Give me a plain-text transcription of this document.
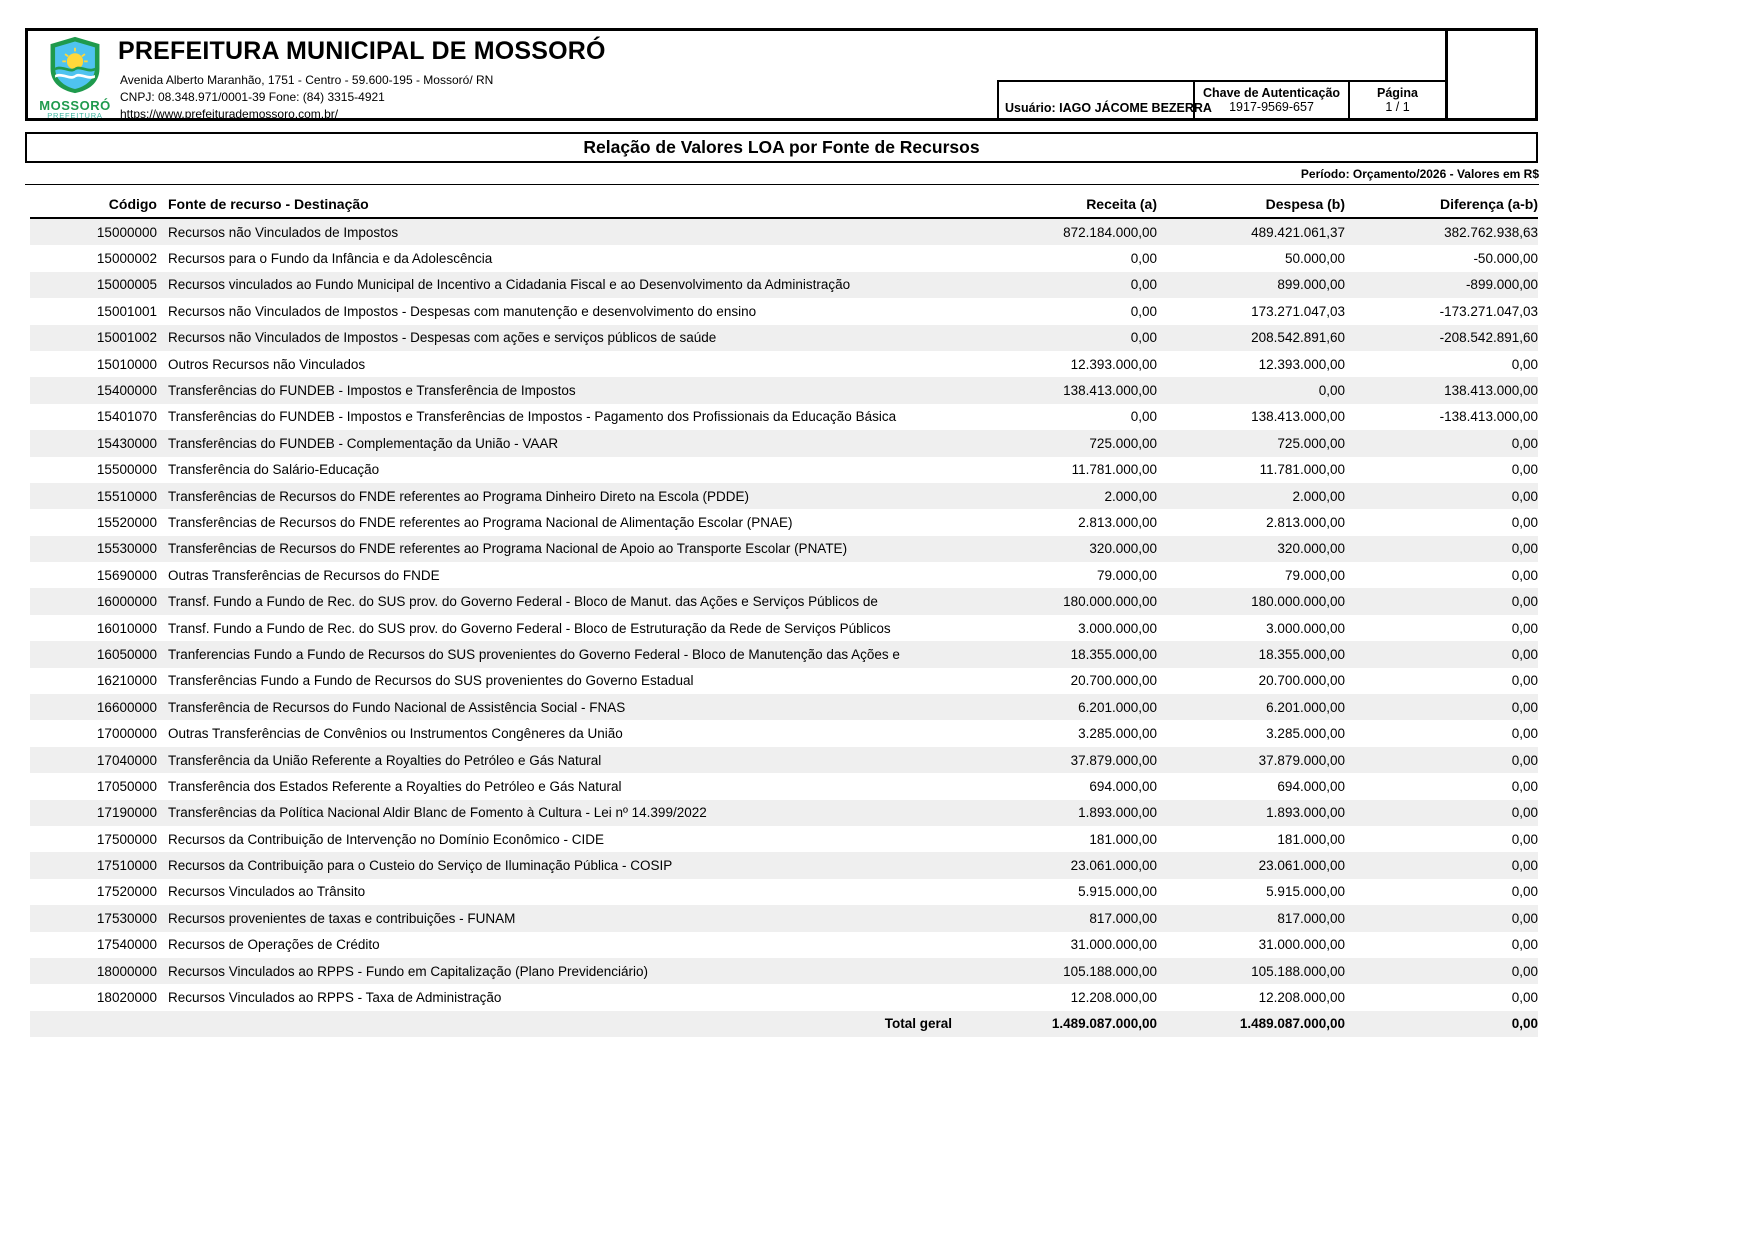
MOSSORÓ
PREFEITURA
PREFEITURA MUNICIPAL DE MOSSORÓ
Avenida Alberto Maranhão, 1751 - Centro - 59.600-195 - Mossoró/ RN
CNPJ: 08.348.971/0001-39 Fone: (84) 3315-4921
https://www.prefeiturademossoro.com.br/	Usuário: IAGO JÁCOME BEZERRA
Chave de Autenticação
1917-9569-657
Página
1 / 1
Relação de Valores LOA por Fonte de Recursos
Período: Orçamento/2026 - Valores em R$
Código Fonte de recurso - Destinação	Receita (a)	Despesa (b)	Diferença (a-b)
15000000 Recursos não Vinculados de Impostos	872.184.000,00	489.421.061,37	382.762.938,63
15000002 Recursos para o Fundo da Infância e da Adolescência	0,00	50.000,00	-50.000,00
15000005 Recursos vinculados ao Fundo Municipal de Incentivo a Cidadania Fiscal e ao Desenvolvimento da Administração	0,00	899.000,00	-899.000,00
15001001 Recursos não Vinculados de Impostos - Despesas com manutenção e desenvolvimento do ensino	0,00	173.271.047,03	-173.271.047,03
15001002 Recursos não Vinculados de Impostos - Despesas com ações e serviços públicos de saúde	0,00	208.542.891,60	-208.542.891,60
15010000 Outros Recursos não Vinculados	12.393.000,00	12.393.000,00	0,00
15400000 Transferências do FUNDEB - Impostos e Transferência de Impostos	138.413.000,00	0,00	138.413.000,00
15401070 Transferências do FUNDEB - Impostos e Transferências de Impostos - Pagamento dos Profissionais da Educação Básica	0,00	138.413.000,00	-138.413.000,00
15430000 Transferências do FUNDEB - Complementação da União - VAAR	725.000,00	725.000,00	0,00
15500000 Transferência do Salário-Educação	11.781.000,00	11.781.000,00	0,00
15510000 Transferências de Recursos do FNDE referentes ao Programa Dinheiro Direto na Escola (PDDE)	2.000,00	2.000,00	0,00
15520000 Transferências de Recursos do FNDE referentes ao Programa Nacional de Alimentação Escolar (PNAE)	2.813.000,00	2.813.000,00	0,00
15530000 Transferências de Recursos do FNDE referentes ao Programa Nacional de Apoio ao Transporte Escolar (PNATE)	320.000,00	320.000,00	0,00
15690000 Outras Transferências de Recursos do FNDE	79.000,00	79.000,00	0,00
16000000 Transf. Fundo a Fundo de Rec. do SUS prov. do Governo Federal - Bloco de Manut. das Ações e Serviços Públicos de	180.000.000,00	180.000.000,00	0,00
16010000 Transf. Fundo a Fundo de Rec. do SUS prov. do Governo Federal - Bloco de Estruturação da Rede de Serviços Públicos	3.000.000,00	3.000.000,00	0,00
16050000 Tranferencias Fundo a Fundo de Recursos do SUS provenientes do Governo Federal - Bloco de Manutenção das Ações e	18.355.000,00	18.355.000,00	0,00
16210000 Transferências Fundo a Fundo de Recursos do SUS provenientes do Governo Estadual	20.700.000,00	20.700.000,00	0,00
16600000 Transferência de Recursos do Fundo Nacional de Assistência Social - FNAS	6.201.000,00	6.201.000,00	0,00
17000000 Outras Transferências de Convênios ou Instrumentos Congêneres da União	3.285.000,00	3.285.000,00	0,00
17040000 Transferência da União Referente a Royalties do Petróleo e Gás Natural	37.879.000,00	37.879.000,00	0,00
17050000 Transferência dos Estados Referente a Royalties do Petróleo e Gás Natural	694.000,00	694.000,00	0,00
17190000 Transferências da Política Nacional Aldir Blanc de Fomento à Cultura - Lei nº 14.399/2022	1.893.000,00	1.893.000,00	0,00
17500000 Recursos da Contribuição de Intervenção no Domínio Econômico - CIDE	181.000,00	181.000,00	0,00
17510000 Recursos da Contribuição para o Custeio do Serviço de Iluminação Pública - COSIP	23.061.000,00	23.061.000,00	0,00
17520000 Recursos Vinculados ao Trânsito	5.915.000,00	5.915.000,00	0,00
17530000 Recursos provenientes de taxas e contribuições - FUNAM	817.000,00	817.000,00	0,00
17540000 Recursos de Operações de Crédito	31.000.000,00	31.000.000,00	0,00
18000000 Recursos Vinculados ao RPPS - Fundo em Capitalização (Plano Previdenciário)	105.188.000,00	105.188.000,00	0,00
18020000 Recursos Vinculados ao RPPS - Taxa de Administração	12.208.000,00	12.208.000,00	0,00
Total geral	1.489.087.000,00	1.489.087.000,00	0,00
